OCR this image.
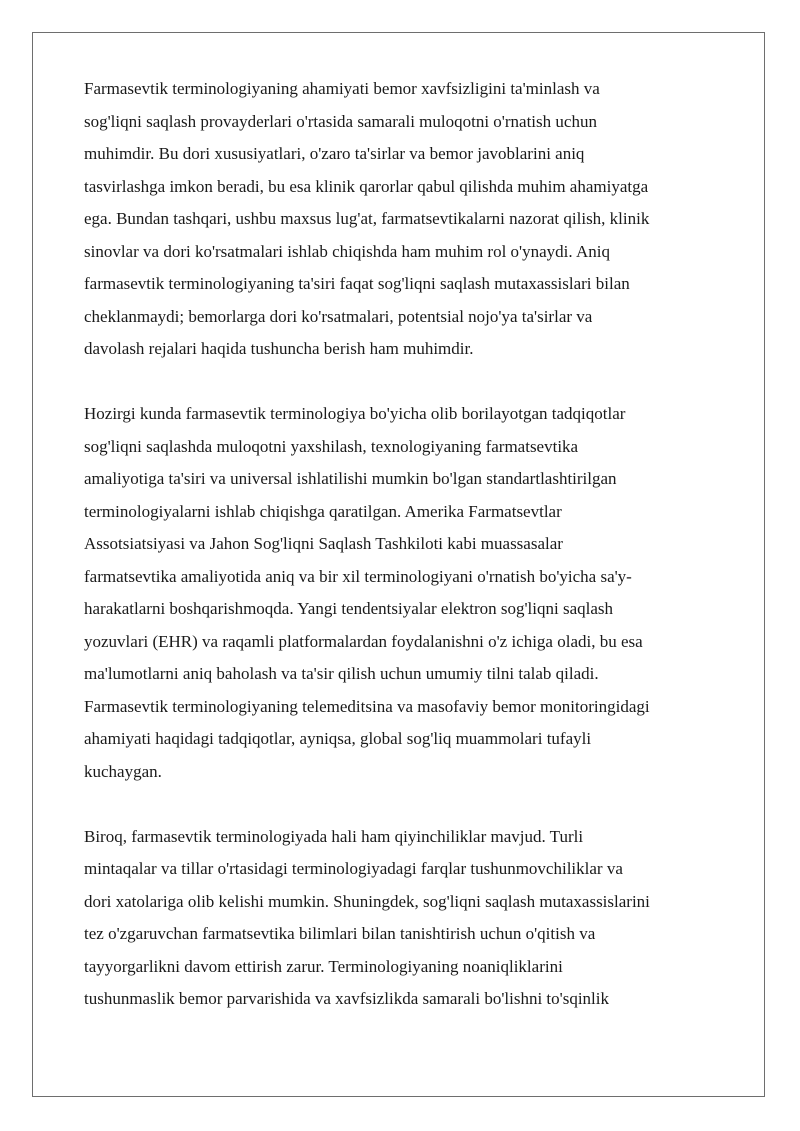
Farmasevtik terminologiyaning ahamiyati bemor xavfsizligini ta'minlash va
sog'liqni saqlash provayderlari o'rtasida samarali muloqotni o'rnatish uchun
muhimdir. Bu dori xususiyatlari, o'zaro ta'sirlar va bemor javoblarini aniq
tasvirlashga imkon beradi, bu esa klinik qarorlar qabul qilishda muhim ahamiyatga
ega. Bundan tashqari, ushbu maxsus lug'at, farmatsevtikalarni nazorat qilish, klinik
sinovlar va dori ko'rsatmalari ishlab chiqishda ham muhim rol o'ynaydi. Aniq
farmasevtik terminologiyaning ta'siri faqat sog'liqni saqlash mutaxassislari bilan
cheklanmaydi; bemorlarga dori ko'rsatmalari, potentsial nojo'ya ta'sirlar va
davolash rejalari haqida tushuncha berish ham muhimdir.

Hozirgi kunda farmasevtik terminologiya bo'yicha olib borilayotgan tadqiqotlar
sog'liqni saqlashda muloqotni yaxshilash, texnologiyaning farmatsevtika
amaliyotiga ta'siri va universal ishlatilishi mumkin bo'lgan standartlashtirilgan
terminologiyalarni ishlab chiqishga qaratilgan. Amerika Farmatsevtlar
Assotsiatsiyasi va Jahon Sog'liqni Saqlash Tashkiloti kabi muassasalar
farmatsevtika amaliyotida aniq va bir xil terminologiyani o'rnatish bo'yicha sa'y-
harakatlarni boshqarishmoqda. Yangi tendentsiyalar elektron sog'liqni saqlash
yozuvlari (EHR) va raqamli platformalardan foydalanishni o'z ichiga oladi, bu esa
ma'lumotlarni aniq baholash va ta'sir qilish uchun umumiy tilni talab qiladi.
Farmasevtik terminologiyaning telemeditsina va masofaviy bemor monitoringidagi
ahamiyati haqidagi tadqiqotlar, ayniqsa, global sog'liq muammolari tufayli
kuchaygan.

Biroq, farmasevtik terminologiyada hali ham qiyinchiliklar mavjud. Turli
mintaqalar va tillar o'rtasidagi terminologiyadagi farqlar tushunmovchiliklar va
dori xatolariga olib kelishi mumkin. Shuningdek, sog'liqni saqlash mutaxassislarini
tez o'zgaruvchan farmatsevtika bilimlari bilan tanishtirish uchun o'qitish va
tayyorgarlikni davom ettirish zarur. Terminologiyaning noaniqliklarini
tushunmaslik bemor parvarishida va xavfsizlikda samarali bo'lishni to'sqinlik
